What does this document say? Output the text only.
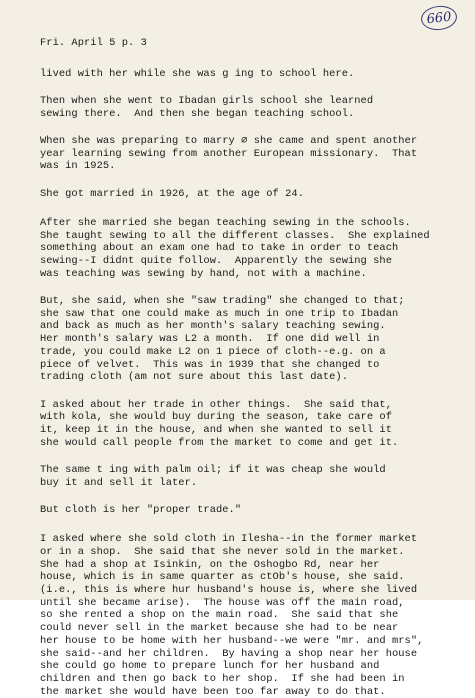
660
Fri. April 5 p. 3
lived with her while she was g ing to school here.
Then when she went to Ibadan girls school she learned
sewing there.  And then she began teaching school.
When she was preparing to marry ∅ she came and spent another
year learning sewing from another European missionary.  That
was in 1925.
She got married in 1926, at the age of 24.
After she married she began teaching sewing in the schools.
She taught sewing to all the different classes.  She explained
something about an exam one had to take in order to teach
sewing--I didnt quite follow.  Apparently the sewing she
was teaching was sewing by hand, not with a machine.
But, she said, when she "saw trading" she changed to that;
she saw that one could make as much in one trip to Ibadan
and back as much as her month's salary teaching sewing.
Her month's salary was L2 a month.  If one did well in
trade, you could make L2 on 1 piece of cloth--e.g. on a
piece of velvet.  This was in 1939 that she changed to
trading cloth (am not sure about this last date).
I asked about her trade in other things.  She said that,
with kola, she would buy during the season, take care of
it, keep it in the house, and when she wanted to sell it
she would call people from the market to come and get it.
The same t ing with palm oil; if it was cheap she would
buy it and sell it later.
But cloth is her "proper trade."
I asked where she sold cloth in Ilesha--in the former market
or in a shop.  She said that she never sold in the market.
She had a shop at Isinkin, on the Oshogbo Rd, near her
house, which is in same quarter as ctOb's house, she said.
(i.e., this is where hur husband's house is, where she lived
until she became arise).  The house was off the main road,
so she rented a shop on the main road.  She said that she
could never sell in the market because she had to be near
her house to be home with her husband--we were "mr. and mrs",
she said--and her children.  By having a shop near her house
she could go home to prepare lunch for her husband and
children and then go back to her shop.  If she had been in
the market she would have been too far away to do that.
